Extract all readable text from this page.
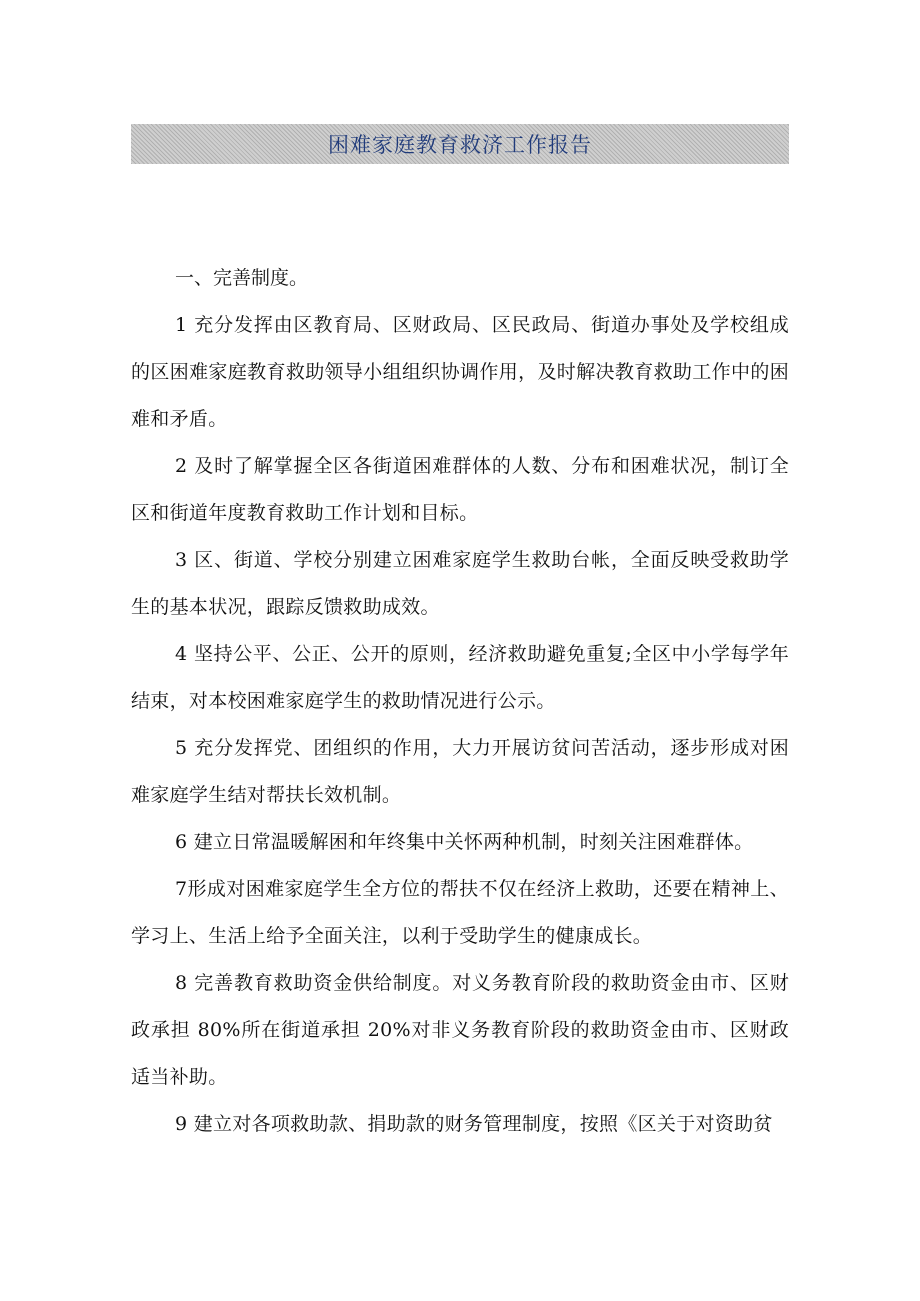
困难家庭教育救济工作报告

一、完善制度。

1 充分发挥由区教育局、区财政局、区民政局、街道办事处及学校组成的区困难家庭教育救助领导小组组织协调作用，及时解决教育救助工作中的困难和矛盾。

2 及时了解掌握全区各街道困难群体的人数、分布和困难状况，制订全区和街道年度教育救助工作计划和目标。

3 区、街道、学校分别建立困难家庭学生救助台帐，全面反映受救助学生的基本状况，跟踪反馈救助成效。

4 坚持公平、公正、公开的原则，经济救助避免重复;全区中小学每学年结束，对本校困难家庭学生的救助情况进行公示。

5 充分发挥党、团组织的作用，大力开展访贫问苦活动，逐步形成对困难家庭学生结对帮扶长效机制。

6 建立日常温暖解困和年终集中关怀两种机制，时刻关注困难群体。

7形成对困难家庭学生全方位的帮扶不仅在经济上救助，还要在精神上、学习上、生活上给予全面关注，以利于受助学生的健康成长。

8 完善教育救助资金供给制度。对义务教育阶段的救助资金由市、区财政承担 80%所在街道承担 20%对非义务教育阶段的救助资金由市、区财政适当补助。

9 建立对各项救助款、捐助款的财务管理制度，按照《区关于对资助贫
